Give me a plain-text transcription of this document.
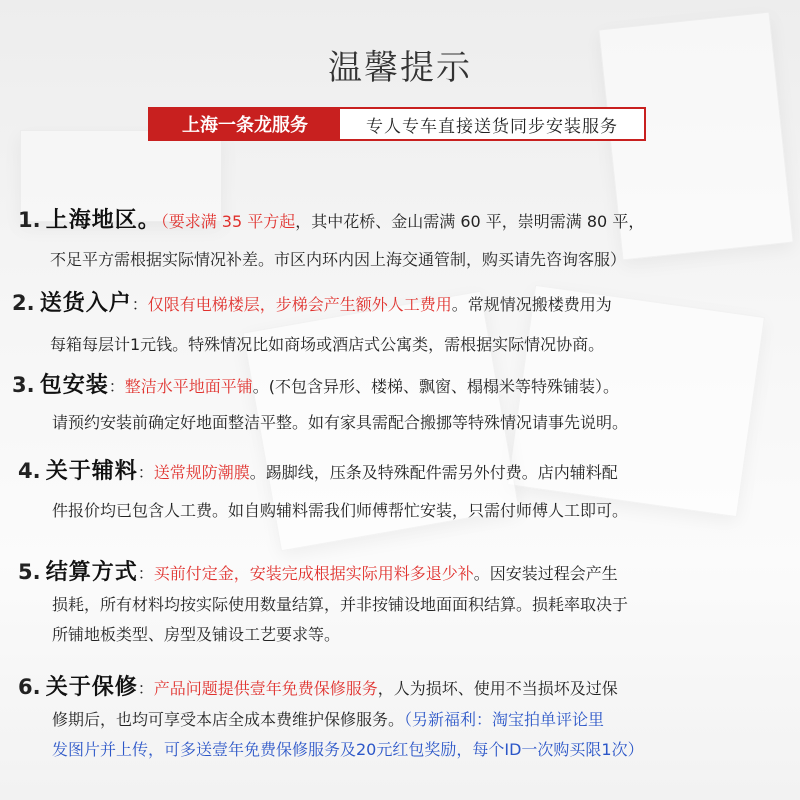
温馨提示
上海一条龙服务	专人专车直接送货同步安装服务
1. 上海地区。（要求满 35 平方起，其中花桥、金山需满 60 平，崇明需满 80 平，
不足平方需根据实际情况补差。市区内环内因上海交通管制，购买请先咨询客服）
2. 送货入户：仅限有电梯楼层，步梯会产生额外人工费用。常规情况搬楼费用为
每箱每层计1元钱。特殊情况比如商场或酒店式公寓类，需根据实际情况协商。
3. 包安装：整洁水平地面平铺。(不包含异形、楼梯、飘窗、榻榻米等特殊铺装）。
请预约安装前确定好地面整洁平整。如有家具需配合搬挪等特殊情况请事先说明。
4. 关于辅料：送常规防潮膜。踢脚线，压条及特殊配件需另外付费。店内辅料配
件报价均已包含人工费。如自购辅料需我们师傅帮忙安装，只需付师傅人工即可。
5. 结算方式：买前付定金，安装完成根据实际用料多退少补。因安装过程会产生
损耗，所有材料均按实际使用数量结算，并非按铺设地面面积结算。损耗率取决于
所铺地板类型、房型及铺设工艺要求等。
6. 关于保修：产品问题提供壹年免费保修服务，人为损坏、使用不当损坏及过保
修期后，也均可享受本店全成本费维护保修服务。（另新福利：淘宝拍单评论里
发图片并上传，可多送壹年免费保修服务及20元红包奖励，每个ID一次购买限1次）
